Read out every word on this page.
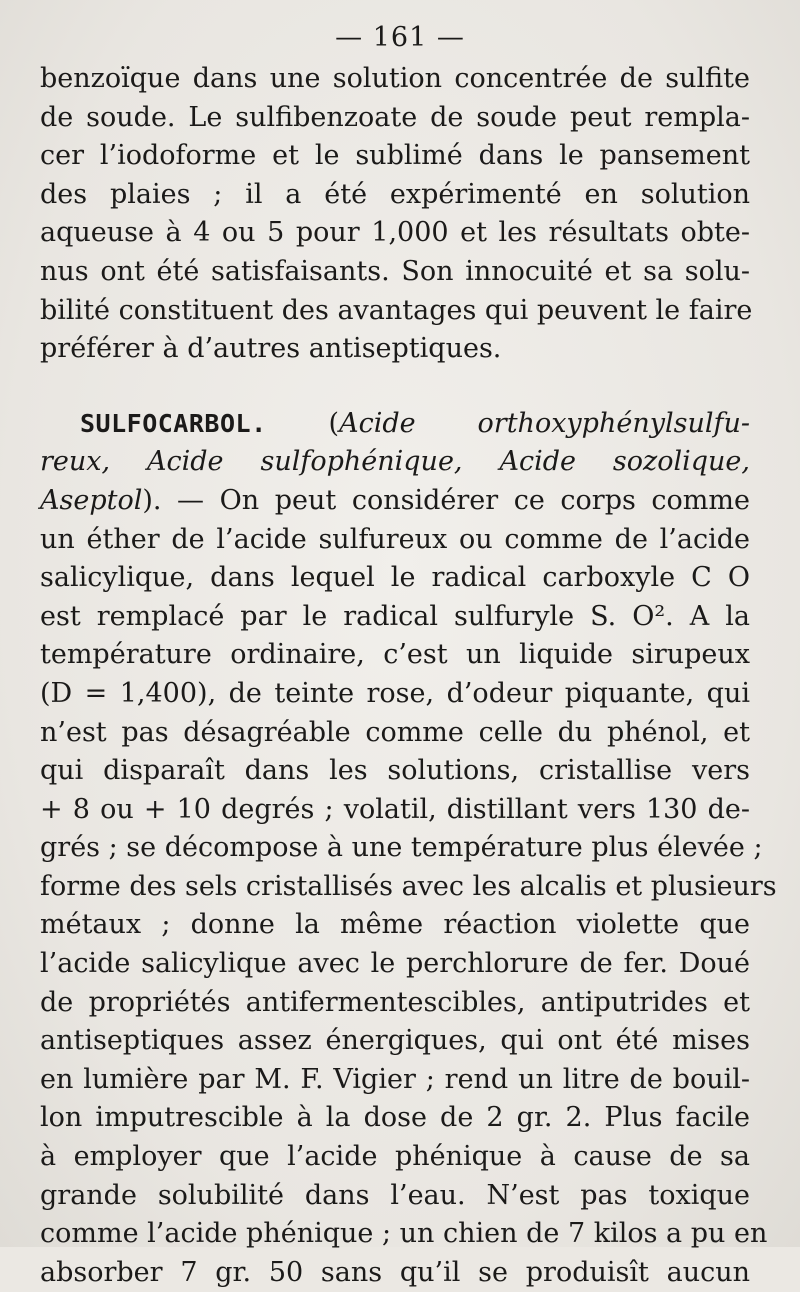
— 161 —
benzoïque dans une solution concentrée de sulfite
de soude. Le sulfibenzoate de soude peut rempla-
cer l’iodoforme et le sublimé dans le pansement
des plaies ; il a été expérimenté en solution
aqueuse à 4 ou 5 pour 1,000 et les résultats obte-
nus ont été satisfaisants. Son innocuité et sa solu-
bilité constituent des avantages qui peuvent le faire
préférer à d’autres antiseptiques.
SULFOCARBOL. (Acide orthoxyphénylsulfu-
reux, Acide sulfophénique, Acide sozolique,
Aseptol). — On peut considérer ce corps comme
un éther de l’acide sulfureux ou comme de l’acide
salicylique, dans lequel le radical carboxyle C O
est remplacé par le radical sulfuryle S. O². A la
température ordinaire, c’est un liquide sirupeux
(D = 1,400), de teinte rose, d’odeur piquante, qui
n’est pas désagréable comme celle du phénol, et
qui disparaît dans les solutions, cristallise vers
+ 8 ou + 10 degrés ; volatil, distillant vers 130 de-
grés ; se décompose à une température plus élevée ;
forme des sels cristallisés avec les alcalis et plusieurs
métaux ; donne la même réaction violette que
l’acide salicylique avec le perchlorure de fer. Doué
de propriétés antifermentescibles, antiputrides et
antiseptiques assez énergiques, qui ont été mises
en lumière par M. F. Vigier ; rend un litre de bouil-
lon imputrescible à la dose de 2 gr. 2. Plus facile
à employer que l’acide phénique à cause de sa
grande solubilité dans l’eau. N’est pas toxique
comme l’acide phénique ; un chien de 7 kilos a pu en
absorber 7 gr. 50 sans qu’il se produisît aucun
